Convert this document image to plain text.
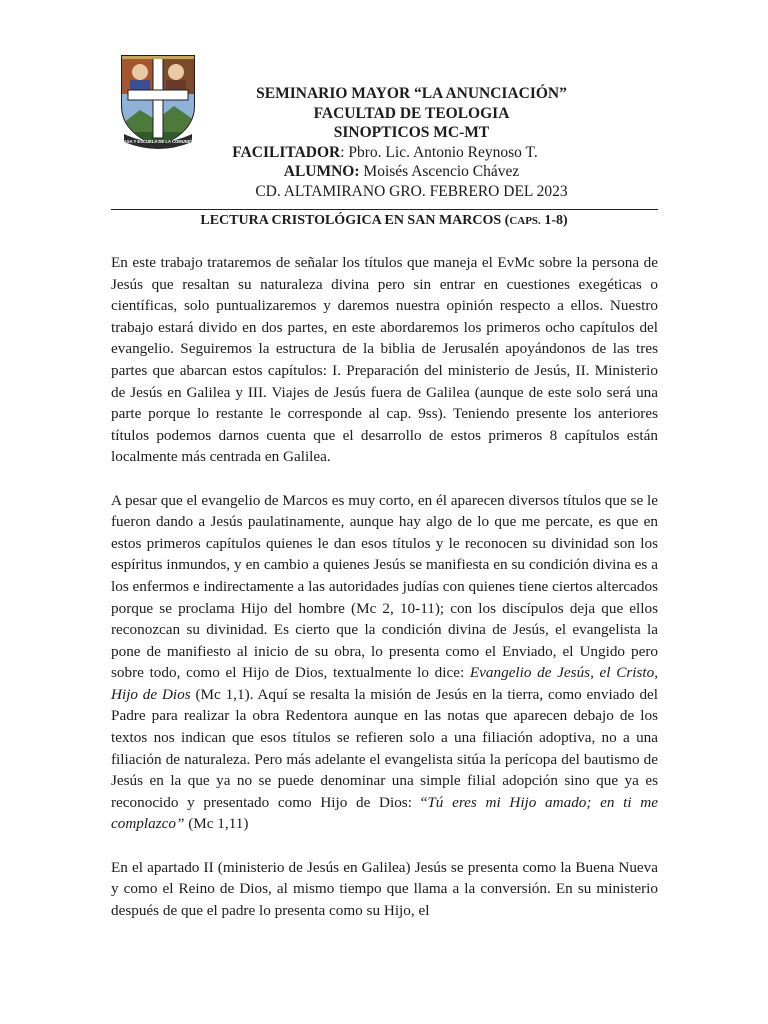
CASA Y ESCUELA DE LA COMUNIÓN
SEMINARIO MAYOR “LA ANUNCIACIÓN”
FACULTAD DE TEOLOGIA
SINOPTICOS MC-MT
FACILITADOR: Pbro. Lic. Antonio Reynoso T.
ALUMNO: Moisés Ascencio Chávez
CD. ALTAMIRANO GRO. FEBRERO DEL 2023
LECTURA CRISTOLÓGICA EN SAN MARCOS (CAPS. 1-8)

En este trabajo trataremos de señalar los títulos que maneja el EvMc sobre la persona de Jesús que resaltan su naturaleza divina pero sin entrar en cuestiones exegéticas o científicas, solo puntualizaremos y daremos nuestra opinión respecto a ellos. Nuestro trabajo estará divido en dos partes, en este abordaremos los primeros ocho capítulos del evangelio. Seguiremos la estructura de la biblia de Jerusalén apoyándonos de las tres partes que abarcan estos capítulos: I. Preparación del ministerio de Jesús, II. Ministerio de Jesús en Galilea y III. Viajes de Jesús fuera de Galilea (aunque de este solo será una parte porque lo restante le corresponde al cap. 9ss). Teniendo presente los anteriores títulos podemos darnos cuenta que el desarrollo de estos primeros 8 capítulos están localmente más centrada en Galilea.

A pesar que el evangelio de Marcos es muy corto, en él aparecen diversos títulos que se le fueron dando a Jesús paulatinamente, aunque hay algo de lo que me percate, es que en estos primeros capítulos quienes le dan esos títulos y le reconocen su divinidad son los espíritus inmundos, y en cambio a quienes Jesús se manifiesta en su condición divina es a los enfermos e indirectamente a las autoridades judías con quienes tiene ciertos altercados porque se proclama Hijo del hombre (Mc 2, 10-11); con los discípulos deja que ellos reconozcan su divinidad. Es cierto que la condición divina de Jesús, el evangelista la pone de manifiesto al inicio de su obra, lo presenta como el Enviado, el Ungido pero sobre todo, como el Hijo de Dios, textualmente lo dice: Evangelio de Jesús, el Cristo, Hijo de Dios (Mc 1,1). Aquí se resalta la misión de Jesús en la tierra, como enviado del Padre para realizar la obra Redentora aunque en las notas que aparecen debajo de los textos nos indican que esos títulos se refieren solo a una filiación adoptiva, no a una filiación de naturaleza. Pero más adelante el evangelista sitúa la perícopa del bautismo de Jesús en la que ya no se puede denominar una simple filial adopción sino que ya es reconocido y presentado como Hijo de Dios: “Tú eres mi Hijo amado; en ti me complazco” (Mc 1,11)

En el apartado II (ministerio de Jesús en Galilea) Jesús se presenta como la Buena Nueva y como el Reino de Dios, al mismo tiempo que llama a la conversión. En su ministerio después de que el padre lo presenta como su Hijo, el
